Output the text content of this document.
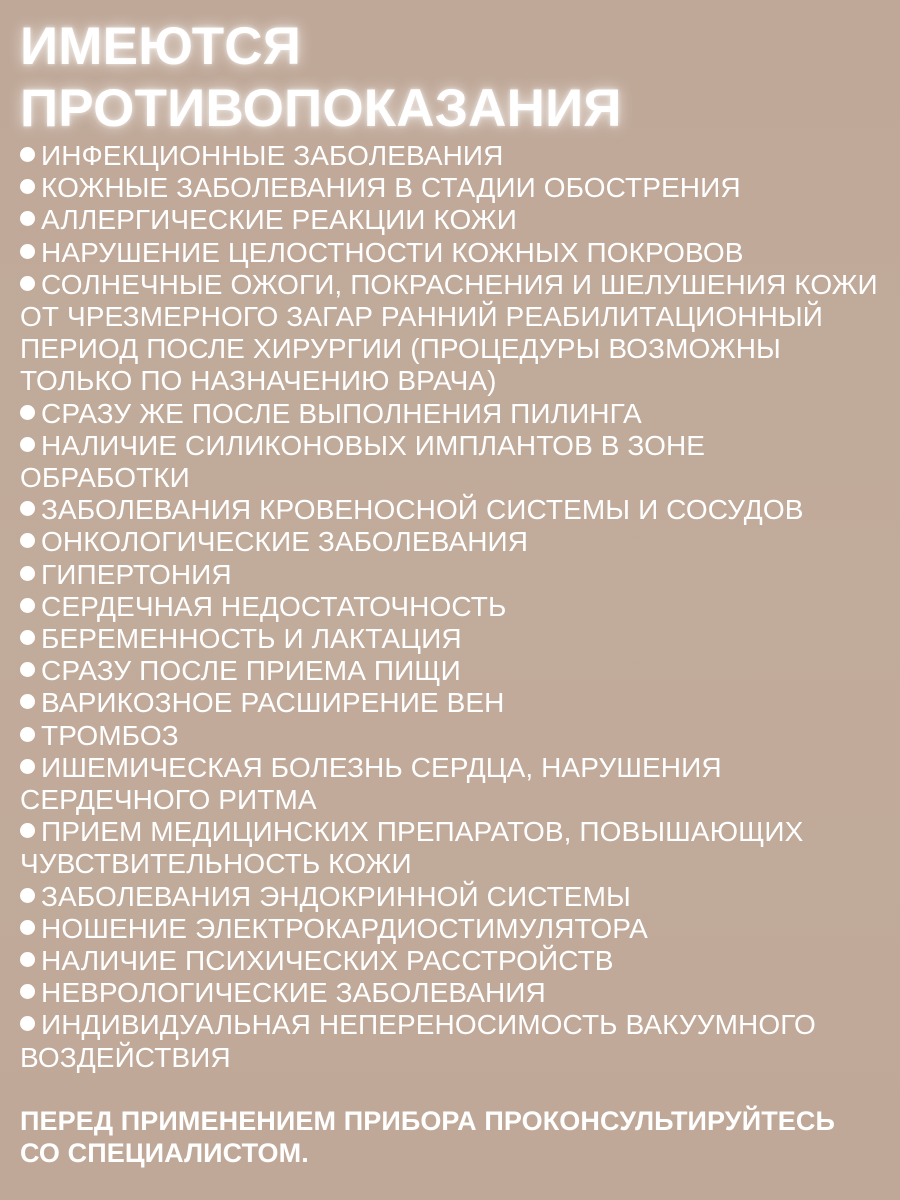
ИМЕЮТСЯ
ПРОТИВОПОКАЗАНИЯ
ИНФЕКЦИОННЫЕ ЗАБОЛЕВАНИЯ
КОЖНЫЕ ЗАБОЛЕВАНИЯ В СТАДИИ ОБОСТРЕНИЯ
АЛЛЕРГИЧЕСКИЕ РЕАКЦИИ КОЖИ
НАРУШЕНИЕ ЦЕЛОСТНОСТИ КОЖНЫХ ПОКРОВОВ
СОЛНЕЧНЫЕ ОЖОГИ, ПОКРАСНЕНИЯ И ШЕЛУШЕНИЯ КОЖИ ОТ ЧРЕЗМЕРНОГО ЗАГАР РАННИЙ РЕАБИЛИТАЦИОННЫЙ ПЕРИОД ПОСЛЕ ХИРУРГИИ (ПРОЦЕДУРЫ ВОЗМОЖНЫ ТОЛЬКО ПО НАЗНАЧЕНИЮ ВРАЧА)
СРАЗУ ЖЕ ПОСЛЕ ВЫПОЛНЕНИЯ ПИЛИНГА
НАЛИЧИЕ СИЛИКОНОВЫХ ИМПЛАНТОВ В ЗОНЕ ОБРАБОТКИ
ЗАБОЛЕВАНИЯ КРОВЕНОСНОЙ СИСТЕМЫ И СОСУДОВ
ОНКОЛОГИЧЕСКИЕ ЗАБОЛЕВАНИЯ
ГИПЕРТОНИЯ
СЕРДЕЧНАЯ НЕДОСТАТОЧНОСТЬ
БЕРЕМЕННОСТЬ И ЛАКТАЦИЯ
СРАЗУ ПОСЛЕ ПРИЕМА ПИЩИ
ВАРИКОЗНОЕ РАСШИРЕНИЕ ВЕН
ТРОМБОЗ
ИШЕМИЧЕСКАЯ БОЛЕЗНЬ СЕРДЦА, НАРУШЕНИЯ СЕРДЕЧНОГО РИТМА
ПРИЕМ МЕДИЦИНСКИХ ПРЕПАРАТОВ, ПОВЫШАЮЩИХ ЧУВСТВИТЕЛЬНОСТЬ КОЖИ
ЗАБОЛЕВАНИЯ ЭНДОКРИННОЙ СИСТЕМЫ
НОШЕНИЕ ЭЛЕКТРОКАРДИОСТИМУЛЯТОРА
НАЛИЧИЕ ПСИХИЧЕСКИХ РАССТРОЙСТВ
НЕВРОЛОГИЧЕСКИЕ ЗАБОЛЕВАНИЯ
ИНДИВИДУАЛЬНАЯ НЕПЕРЕНОСИМОСТЬ ВАКУУМНОГО ВОЗДЕЙСТВИЯ
ПЕРЕД ПРИМЕНЕНИЕМ ПРИБОРА ПРОКОНСУЛЬТИРУЙТЕСЬ
СО СПЕЦИАЛИСТОМ.
